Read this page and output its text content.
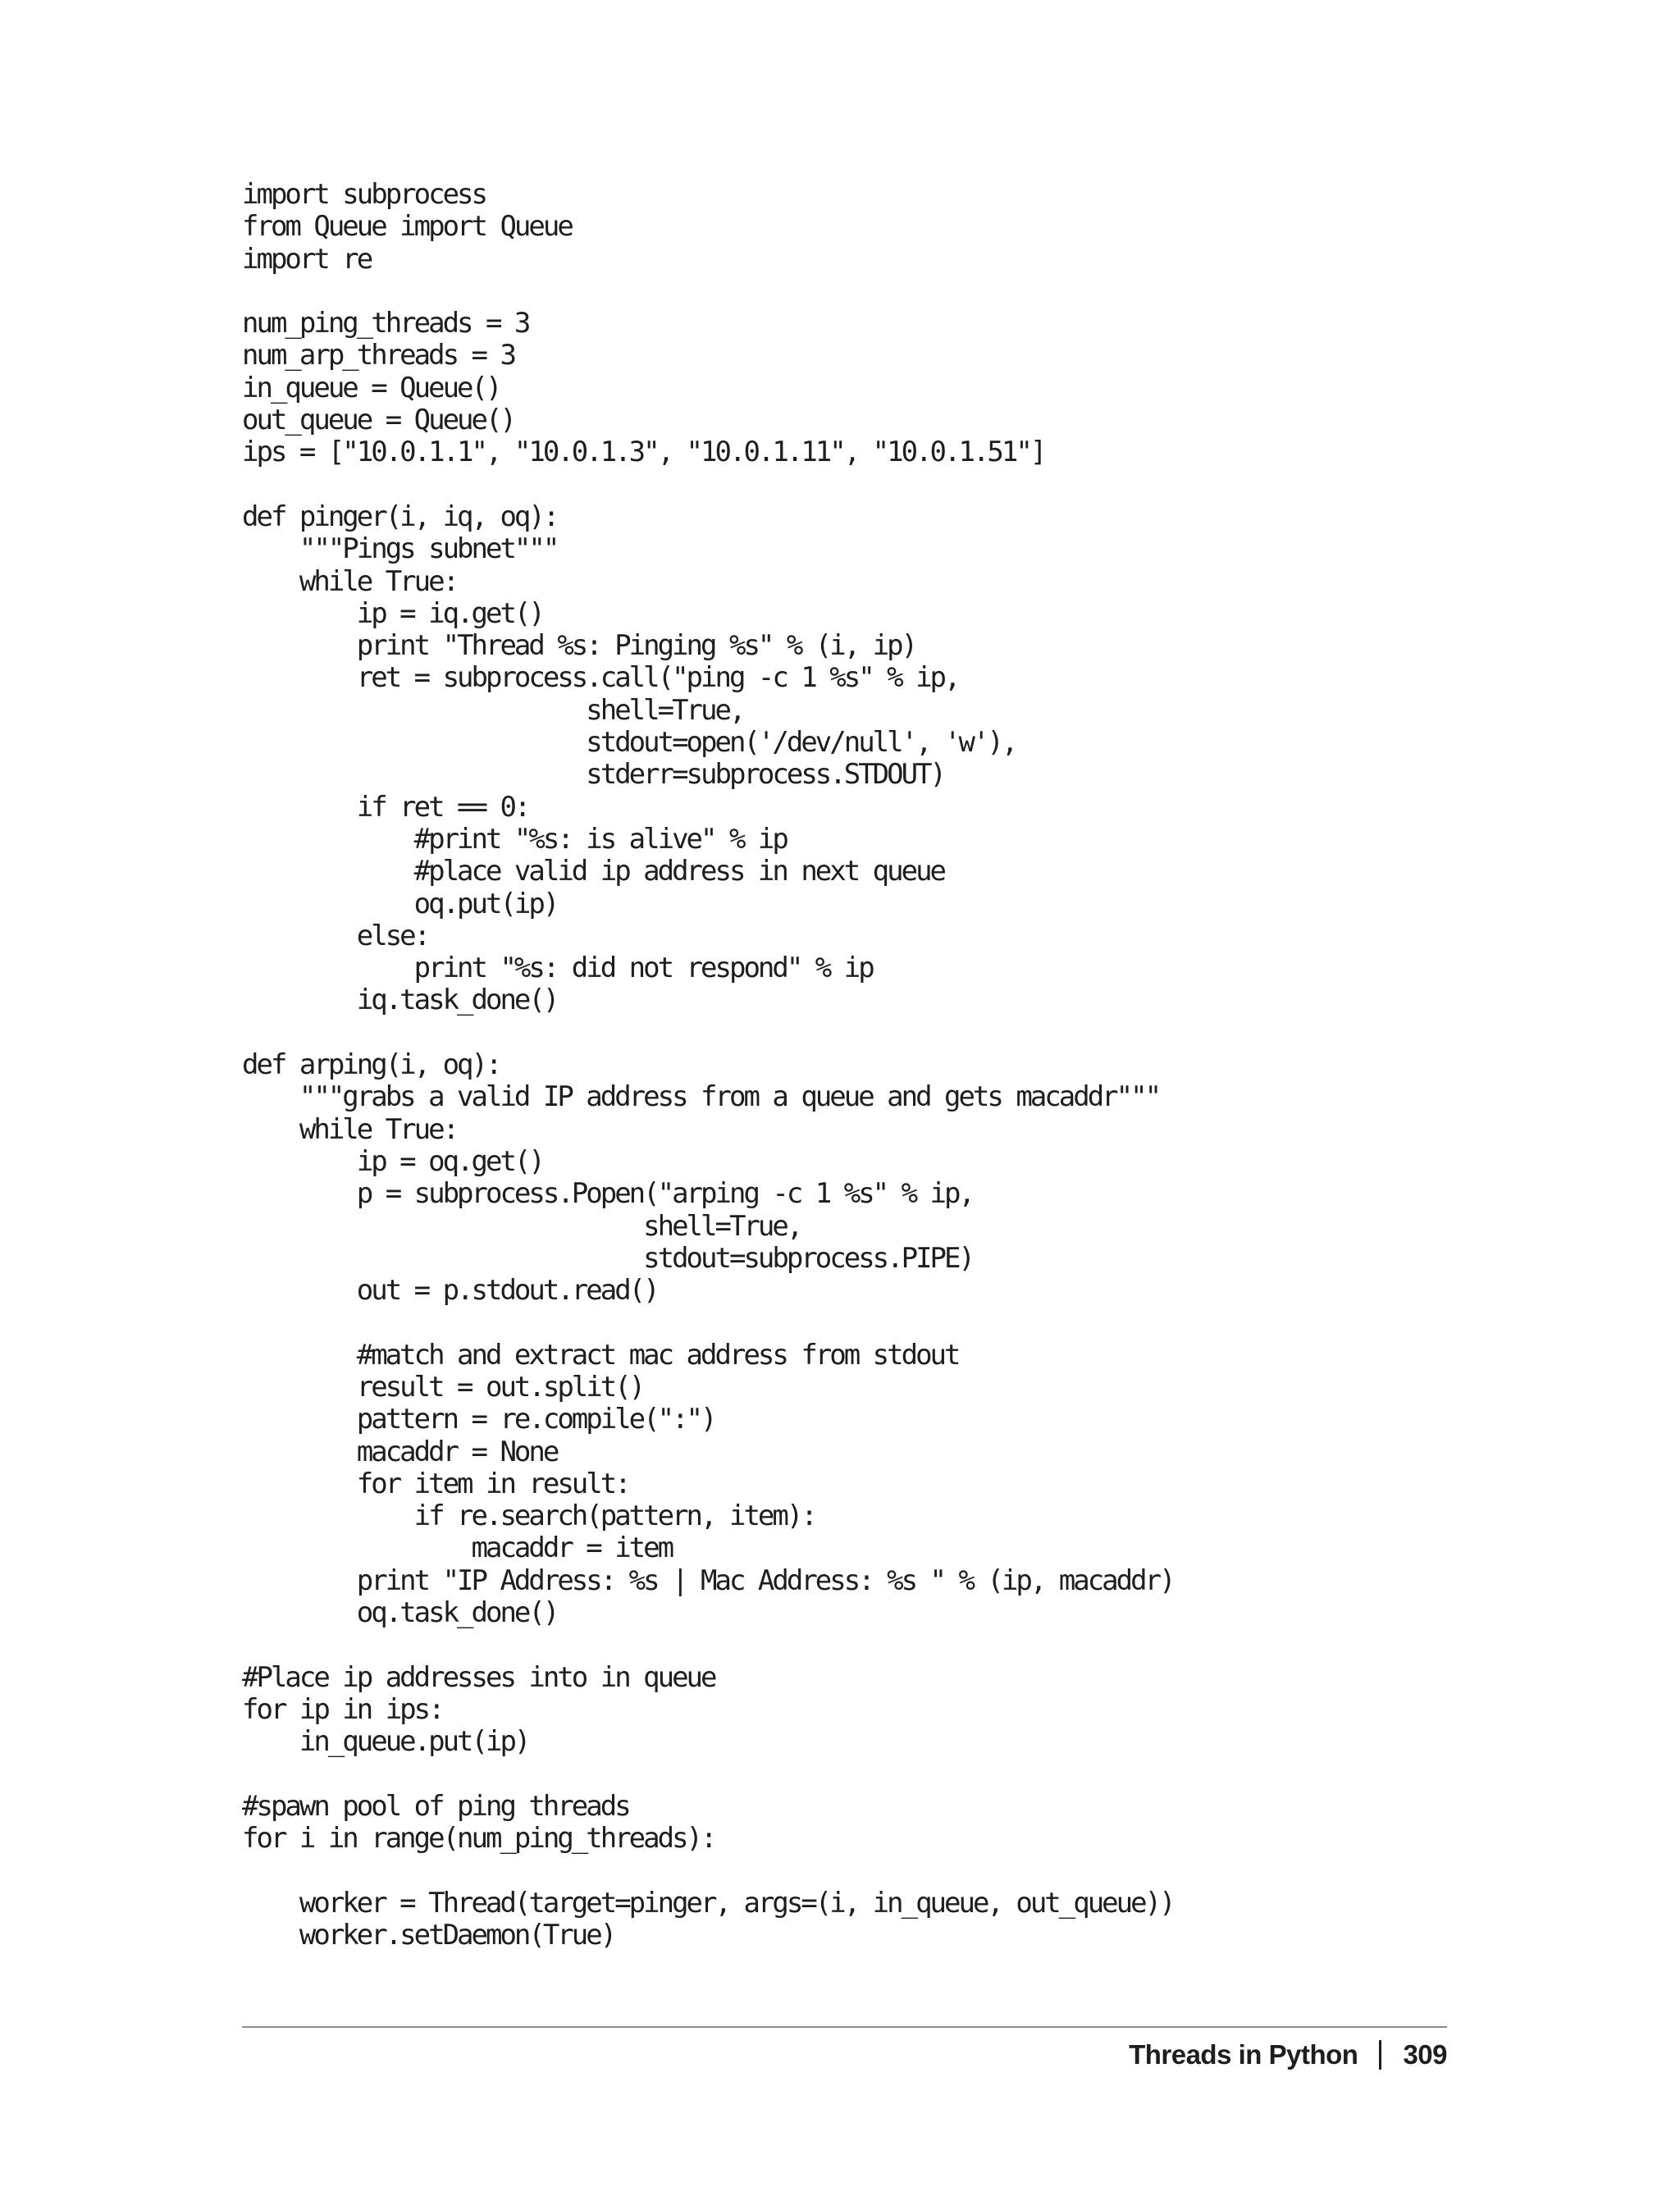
import subprocess
from Queue import Queue
import re

num_ping_threads = 3
num_arp_threads = 3
in_queue = Queue()
out_queue = Queue()
ips = ["10.0.1.1", "10.0.1.3", "10.0.1.11", "10.0.1.51"]

def pinger(i, iq, oq):
"""Pings subnet"""
while True:
ip = iq.get()
print "Thread %s: Pinging %s" % (i, ip)
ret = subprocess.call("ping -c 1 %s" % ip,
shell=True,
stdout=open('/dev/null', 'w'),
stderr=subprocess.STDOUT)
if ret == 0:
#print "%s: is alive" % ip
#place valid ip address in next queue
oq.put(ip)
else:
print "%s: did not respond" % ip
iq.task_done()

def arping(i, oq):
"""grabs a valid IP address from a queue and gets macaddr"""
while True:
ip = oq.get()
p = subprocess.Popen("arping -c 1 %s" % ip,
shell=True,
stdout=subprocess.PIPE)
out = p.stdout.read()

#match and extract mac address from stdout
result = out.split()
pattern = re.compile(":")
macaddr = None
for item in result:
if re.search(pattern, item):
macaddr = item
print "IP Address: %s | Mac Address: %s " % (ip, macaddr)
oq.task_done()

#Place ip addresses into in queue
for ip in ips:
in_queue.put(ip)

#spawn pool of ping threads
for i in range(num_ping_threads):

worker = Thread(target=pinger, args=(i, in_queue, out_queue))
worker.setDaemon(True)
Threads in Python 309
